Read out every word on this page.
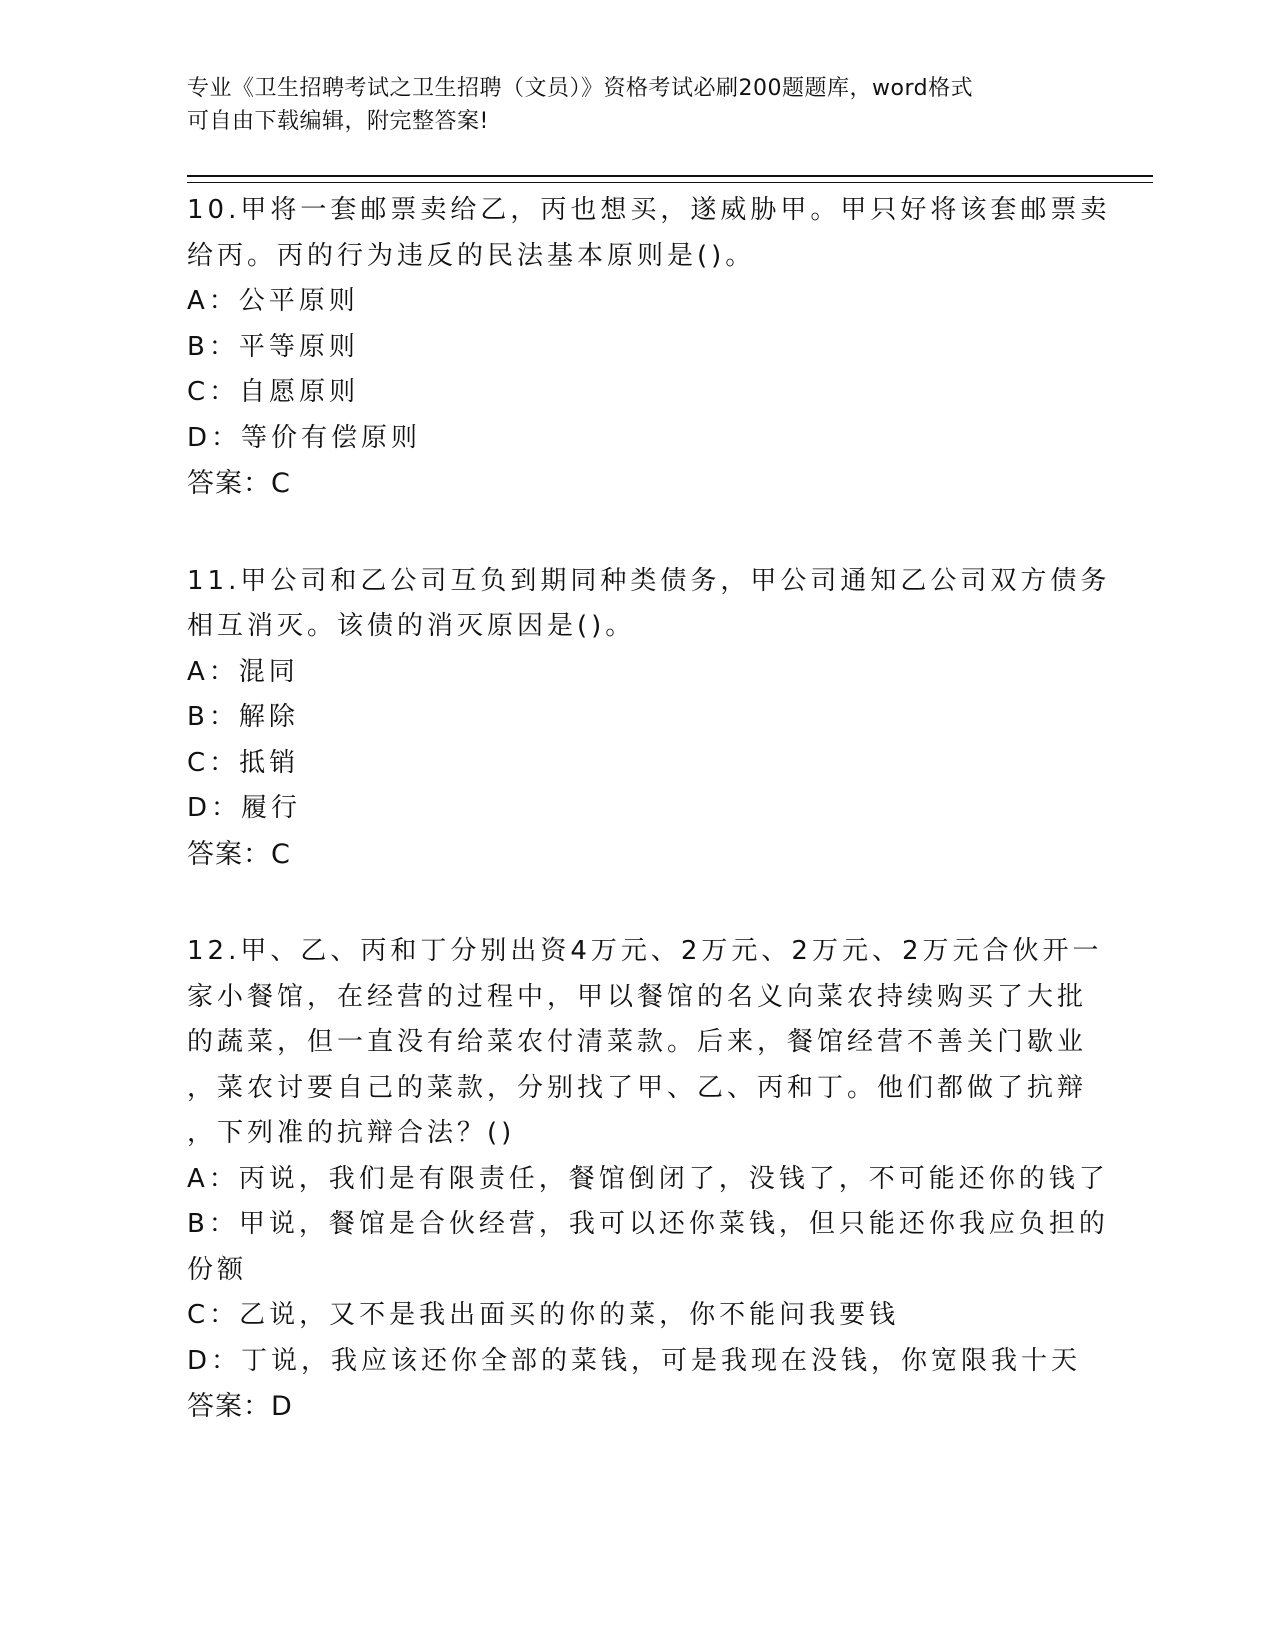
专业《卫生招聘考试之卫生招聘（文员）》资格考试必刷200题题库，word格式
可自由下载编辑，附完整答案!
10.甲将一套邮票卖给乙，丙也想买，遂威胁甲。甲只好将该套邮票卖
给丙。丙的行为违反的民法基本原则是()。
A：公平原则
B：平等原则
C：自愿原则
D：等价有偿原则
答案：C
11.甲公司和乙公司互负到期同种类债务，甲公司通知乙公司双方债务
相互消灭。该债的消灭原因是()。
A：混同
B：解除
C：抵销
D：履行
答案：C
12.甲、乙、丙和丁分别出资4万元、2万元、2万元、2万元合伙开一
家小餐馆，在经营的过程中，甲以餐馆的名义向菜农持续购买了大批
的蔬菜，但一直没有给菜农付清菜款。后来，餐馆经营不善关门歇业
，菜农讨要自己的菜款，分别找了甲、乙、丙和丁。他们都做了抗辩
，下列准的抗辩合法？()
A：丙说，我们是有限责任，餐馆倒闭了，没钱了，不可能还你的钱了
B：甲说，餐馆是合伙经营，我可以还你菜钱，但只能还你我应负担的
份额
C：乙说，又不是我出面买的你的菜，你不能问我要钱
D：丁说，我应该还你全部的菜钱，可是我现在没钱，你宽限我十天
答案：D
